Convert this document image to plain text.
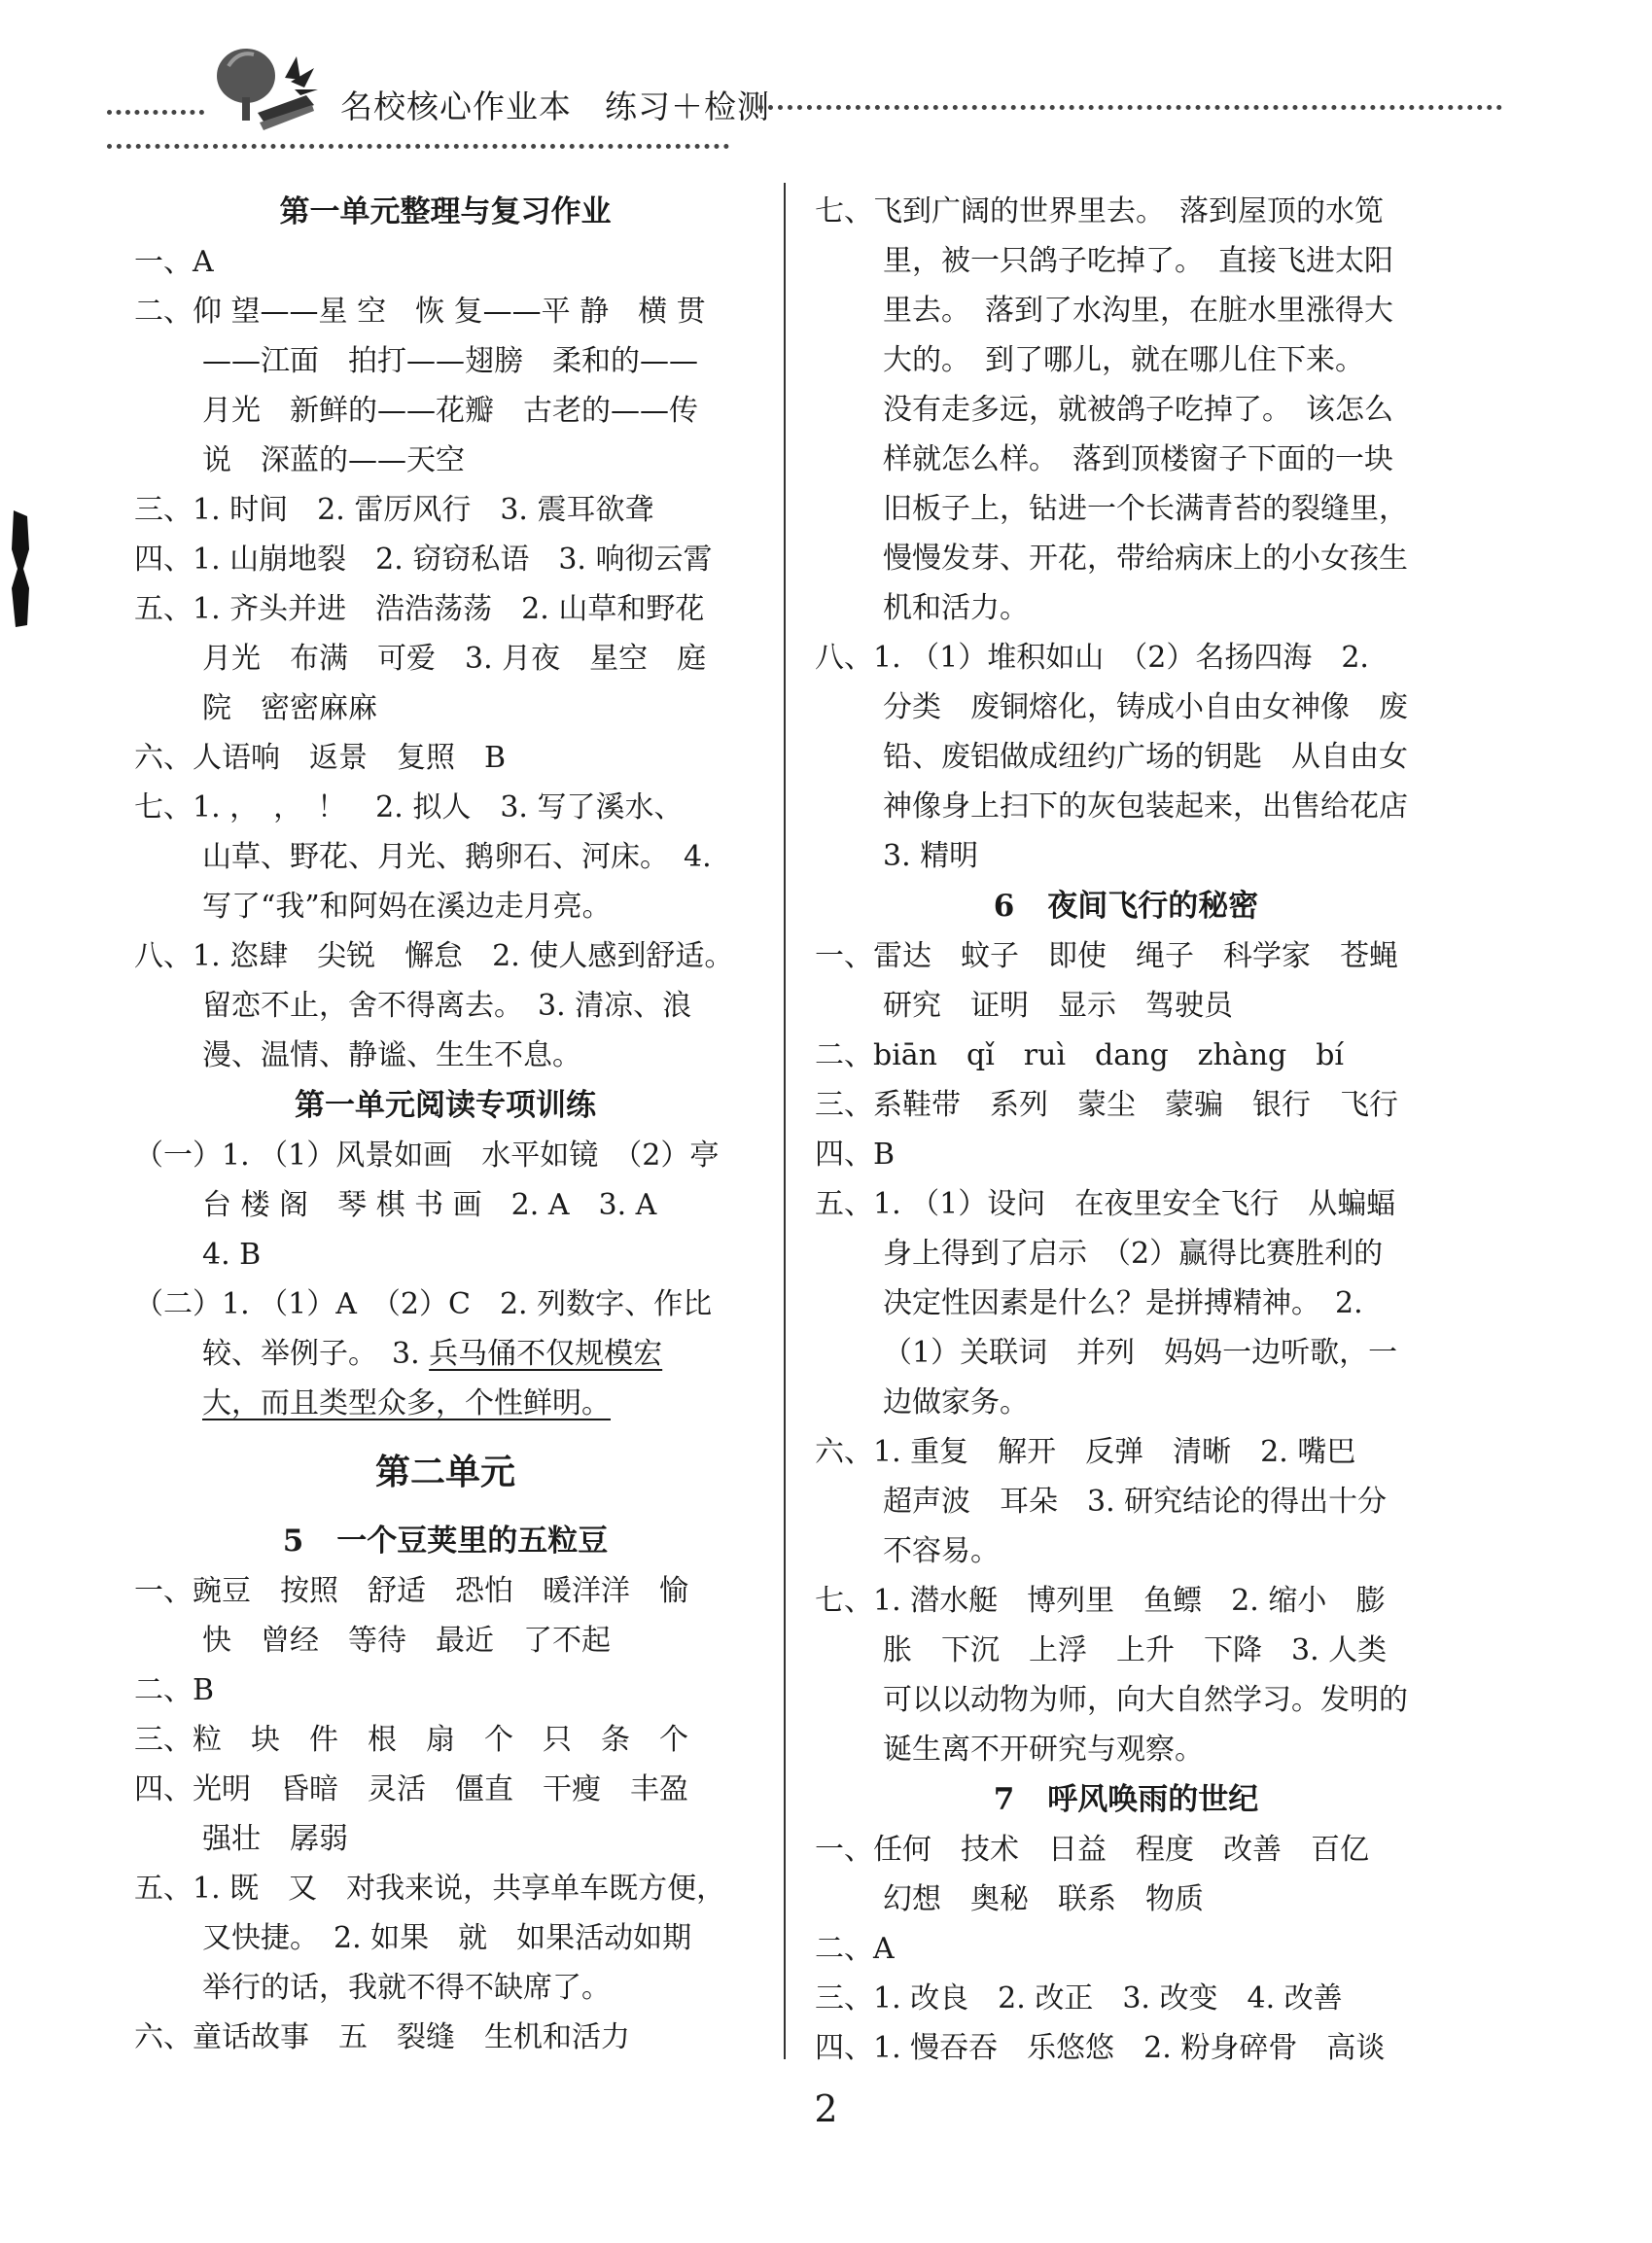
名校核心作业本　练习＋检测
第一单元整理与复习作业
一、A
二、仰 望——星 空　恢 复——平 静　横 贯
——江面　拍打——翅膀　柔和的——
月光　新鲜的——花瓣　古老的——传
说　深蓝的——天空
三、1. 时间　2. 雷厉风行　3. 震耳欲聋
四、1. 山崩地裂　2. 窃窃私语　3. 响彻云霄
五、1. 齐头并进　浩浩荡荡　2. 山草和野花
月光　布满　可爱　3. 月夜　星空　庭
院　密密麻麻
六、人语响　返景　复照　B
七、1. ，　，　！　2. 拟人　3. 写了溪水、
山草、野花、月光、鹅卵石、河床。　4.
写了“我”和阿妈在溪边走月亮。
八、1. 恣肆　尖锐　懈怠　2. 使人感到舒适。
留恋不止，舍不得离去。　3. 清凉、浪
漫、温情、静谧、生生不息。
第一单元阅读专项训练
（一）1. （1）风景如画　水平如镜　（2）亭
台 楼 阁　琴 棋 书 画　2. A　3. A
4. B
（二）1. （1）A　（2）C　2. 列数字、作比
较、举例子。　3. 兵马俑不仅规模宏
大，而且类型众多，个性鲜明。
第二单元
5 一个豆荚里的五粒豆
一、豌豆　按照　舒适　恐怕　暖洋洋　愉
快　曾经　等待　最近　了不起
二、B
三、粒　块　件　根　扇　个　只　条　个
四、光明　昏暗　灵活　僵直　干瘦　丰盈
强壮　孱弱
五、1. 既　又　对我来说，共享单车既方便，
又快捷。　2. 如果　就　如果活动如期
举行的话，我就不得不缺席了。
六、童话故事　五　裂缝　生机和活力
七、飞到广阔的世界里去。　落到屋顶的水笕
里，被一只鸽子吃掉了。　直接飞进太阳
里去。　落到了水沟里，在脏水里涨得大
大的。　到了哪儿，就在哪儿住下来。
没有走多远，就被鸽子吃掉了。　该怎么
样就怎么样。　落到顶楼窗子下面的一块
旧板子上，钻进一个长满青苔的裂缝里，
慢慢发芽、开花，带给病床上的小女孩生
机和活力。
八、1. （1）堆积如山　（2）名扬四海　2.
分类　废铜熔化，铸成小自由女神像　废
铅、废铝做成纽约广场的钥匙　从自由女
神像身上扫下的灰包装起来，出售给花店
3. 精明
6 夜间飞行的秘密
一、雷达　蚊子　即使　绳子　科学家　苍蝇
研究　证明　显示　驾驶员
二、biān　qǐ　ruì　dang　zhàng　bí
三、系鞋带　系列　蒙尘　蒙骗　银行　飞行
四、B
五、1. （1）设问　在夜里安全飞行　从蝙蝠
身上得到了启示　（2）赢得比赛胜利的
决定性因素是什么？是拼搏精神。　2.
（1）关联词　并列　妈妈一边听歌，一
边做家务。
六、1. 重复　解开　反弹　清晰　2. 嘴巴
超声波　耳朵　3. 研究结论的得出十分
不容易。
七、1. 潜水艇　博列里　鱼鳔　2. 缩小　膨
胀　下沉　上浮　上升　下降　3. 人类
可以以动物为师，向大自然学习。发明的
诞生离不开研究与观察。
7 呼风唤雨的世纪
一、任何　技术　日益　程度　改善　百亿
幻想　奥秘　联系　物质
二、A
三、1. 改良　2. 改正　3. 改变　4. 改善
四、1. 慢吞吞　乐悠悠　2. 粉身碎骨　高谈
2
